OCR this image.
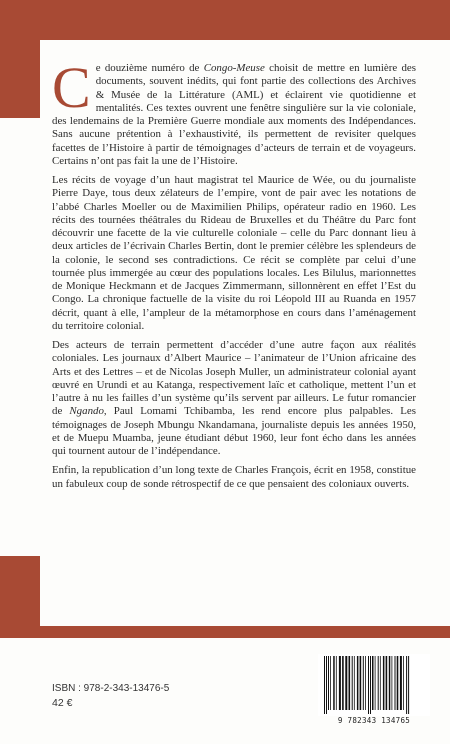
Ce douzième numéro de Congo-Meuse choisit de mettre en lumière des documents, souvent inédits, qui font partie des collections des Archives & Musée de la Littérature (AML) et éclairent vie quotidienne et mentalités. Ces textes ouvrent une fenêtre singulière sur la vie coloniale, des lendemains de la Première Guerre mondiale aux moments des Indépendances. Sans aucune prétention à l’exhaustivité, ils permettent de revisiter quelques facettes de l’Histoire à partir de témoignages d’acteurs de terrain et de voyageurs. Certains n’ont pas fait la une de l’Histoire.

Les récits de voyage d’un haut magistrat tel Maurice de Wée, ou du journaliste Pierre Daye, tous deux zélateurs de l’empire, vont de pair avec les notations de l’abbé Charles Moeller ou de Maximilien Philips, opérateur radio en 1960. Les récits des tournées théâtrales du Rideau de Bruxelles et du Théâtre du Parc font découvrir une facette de la vie culturelle coloniale – celle du Parc donnant lieu à deux articles de l’écrivain Charles Bertin, dont le premier célèbre les splendeurs de la colonie, le second ses contradictions. Ce récit se complète par celui d’une tournée plus immergée au cœur des populations locales. Les Bilulus, marionnettes de Monique Heckmann et de Jacques Zimmermann, sillonnèrent en effet l’Est du Congo. La chronique factuelle de la visite du roi Léopold III au Ruanda en 1957 décrit, quant à elle, l’ampleur de la métamorphose en cours dans l’aménagement du territoire colonial.

Des acteurs de terrain permettent d’accéder d’une autre façon aux réalités coloniales. Les journaux d’Albert Maurice – l’animateur de l’Union africaine des Arts et des Lettres – et de Nicolas Joseph Muller, un administrateur colonial ayant œuvré en Urundi et au Katanga, respectivement laïc et catholique, mettent l’un et l’autre à nu les failles d’un système qu’ils servent par ailleurs. Le futur romancier de Ngando, Paul Lomami Tchibamba, les rend encore plus palpables. Les témoignages de Joseph Mbungu Nkandamana, journaliste depuis les années 1950, et de Muepu Muamba, jeune étudiant début 1960, leur font écho dans les années qui tournent autour de l’indépendance.

Enfin, la republication d’un long texte de Charles François, écrit en 1958, constitue un fabuleux coup de sonde rétrospectif de ce que pensaient des coloniaux ouverts.

ISBN : 978-2-343-13476-5
42 €
9 782343 134765
